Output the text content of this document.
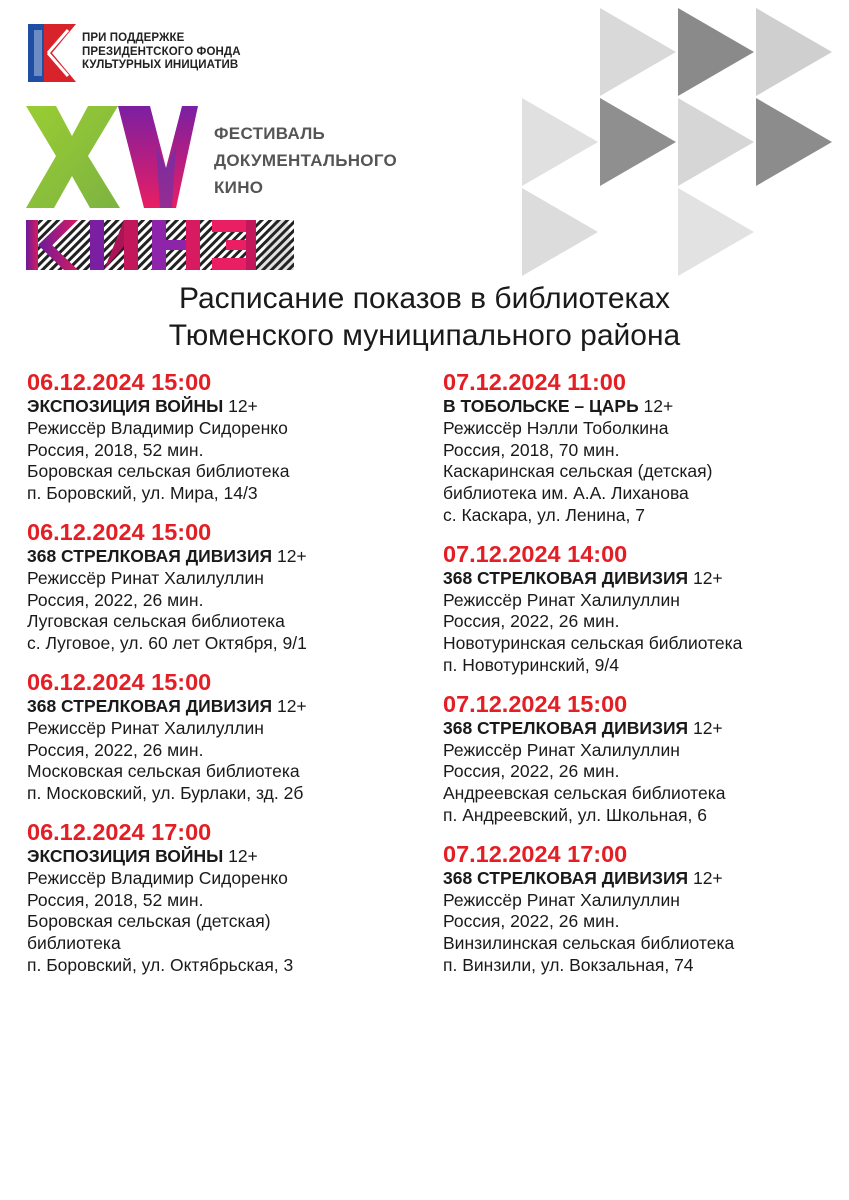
ПРИ ПОДДЕРЖКЕ
ПРЕЗИДЕНТСКОГО ФОНДА
КУЛЬТУРНЫХ ИНИЦИАТИВ
ФЕСТИВАЛЬ
ДОКУМЕНТАЛЬНОГО
КИНО
Расписание показов в библиотеках
Тюменского муниципального района
06.12.2024 15:00
ЭКСПОЗИЦИЯ ВОЙНЫ 12+
Режиссёр Владимир Сидоренко
Россия, 2018, 52 мин.
Боровская сельская библиотека
п. Боровский, ул. Мира, 14/3
06.12.2024 15:00
368 СТРЕЛКОВАЯ ДИВИЗИЯ 12+
Режиссёр Ринат Халилуллин
Россия, 2022, 26 мин.
Луговская сельская библиотека
с. Луговое, ул. 60 лет Октября, 9/1
06.12.2024 15:00
368 СТРЕЛКОВАЯ ДИВИЗИЯ 12+
Режиссёр Ринат Халилуллин
Россия, 2022, 26 мин.
Московская сельская библиотека
п. Московский, ул. Бурлаки, зд. 2б
06.12.2024 17:00
ЭКСПОЗИЦИЯ ВОЙНЫ 12+
Режиссёр Владимир Сидоренко
Россия, 2018, 52 мин.
Боровская сельская (детская)
библиотека
п. Боровский, ул. Октябрьская, 3
07.12.2024 11:00
В ТОБОЛЬСКЕ – ЦАРЬ 12+
Режиссёр Нэлли Тоболкина
Россия, 2018, 70 мин.
Каскаринская сельская (детская)
библиотека им. А.А. Лиханова
с. Каскара, ул. Ленина, 7
07.12.2024 14:00
368 СТРЕЛКОВАЯ ДИВИЗИЯ 12+
Режиссёр Ринат Халилуллин
Россия, 2022, 26 мин.
Новотуринская сельская библиотека
п. Новотуринский, 9/4
07.12.2024 15:00
368 СТРЕЛКОВАЯ ДИВИЗИЯ 12+
Режиссёр Ринат Халилуллин
Россия, 2022, 26 мин.
Андреевская сельская библиотека
п. Андреевский, ул. Школьная, 6
07.12.2024 17:00
368 СТРЕЛКОВАЯ ДИВИЗИЯ 12+
Режиссёр Ринат Халилуллин
Россия, 2022, 26 мин.
Винзилинская сельская библиотека
п. Винзили, ул. Вокзальная, 74
